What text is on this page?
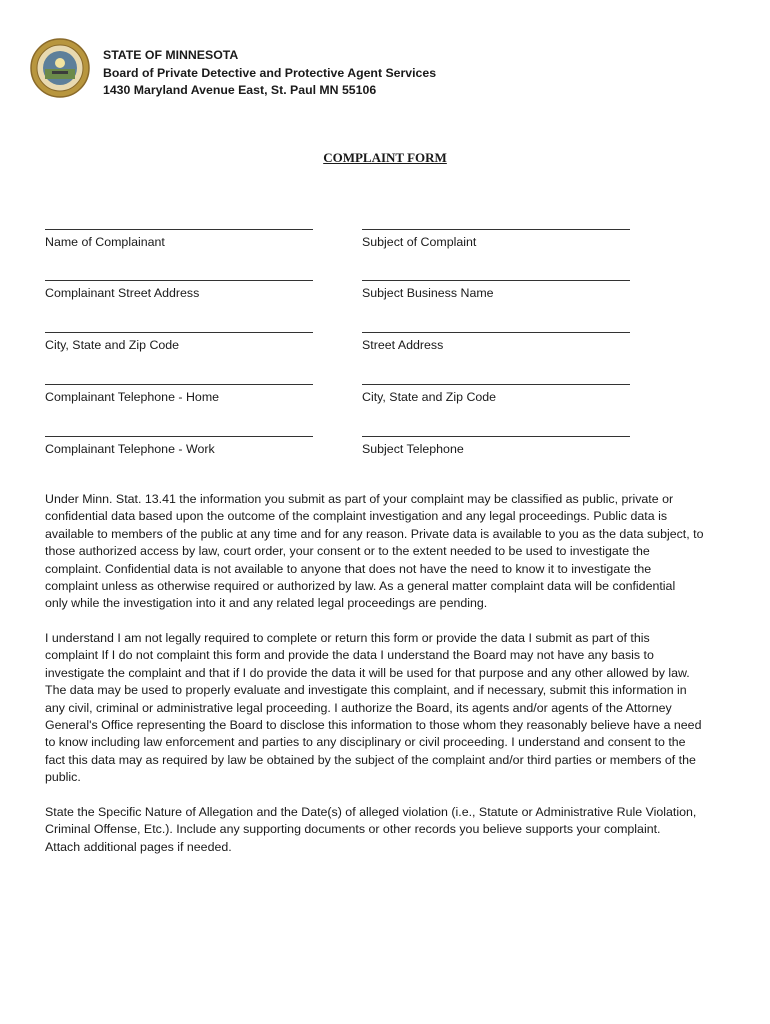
STATE OF MINNESOTA
Board of Private Detective and Protective Agent Services
1430 Maryland Avenue East, St. Paul MN 55106
COMPLAINT FORM
Name of Complainant
Complainant Street Address
City, State and Zip Code
Complainant Telephone - Home
Complainant Telephone - Work
Subject of Complaint
Subject Business Name
Street Address
City, State and Zip Code
Subject Telephone

Under Minn. Stat. 13.41 the information you submit as part of your complaint may be classified as public, private or

confidential data based upon the outcome of the complaint investigation and any legal proceedings. Public data is

available to members of the public at any time and for any reason. Private data is available to you as the data subject, to

those authorized access by law, court order, your consent or to the extent needed to be used to investigate the

complaint. Confidential data is not available to anyone that does not have the need to know it to investigate the

complaint unless as otherwise required or authorized by law. As a general matter complaint data will be confidential

only while the investigation into it and any related legal proceedings are pending.

I understand I am not legally required to complete or return this form or provide the data I submit as part of this

complaint If I do not complaint this form and provide the data I understand the Board may not have any basis to

investigate the complaint and that if I do provide the data it will be used for that purpose and any other allowed by law.

The data may be used to properly evaluate and investigate this complaint, and if necessary, submit this information in

any civil, criminal or administrative legal proceeding. I authorize the Board, its agents and/or agents of the Attorney

General's Office representing the Board to disclose this information to those whom they reasonably believe have a need

to know including law enforcement and parties to any disciplinary or civil proceeding. I understand and consent to the

fact this data may as required by law be obtained by the subject of the complaint and/or third parties or members of the

public.

State the Specific Nature of Allegation and the Date(s) of alleged violation (i.e., Statute or Administrative Rule Violation,

Criminal Offense, Etc.). Include any supporting documents or other records you believe supports your complaint.

Attach additional pages if needed.
